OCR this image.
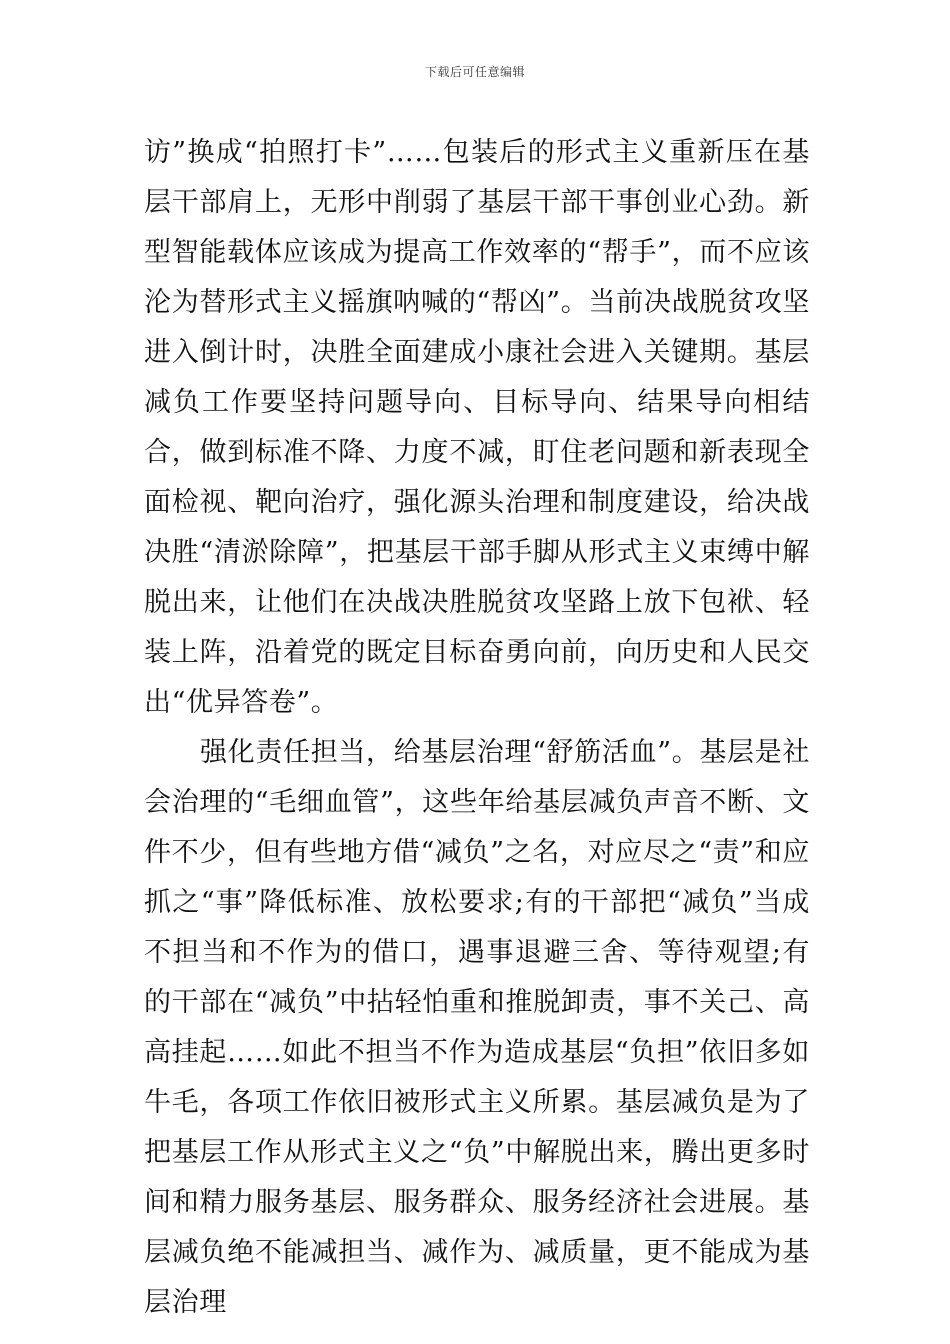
下载后可任意编辑

访”换成“拍照打卡”……包装后的形式主义重新压在基层干部肩上，无形中削弱了基层干部干事创业心劲。新型智能载体应该成为提高工作效率的“帮手”，而不应该沦为替形式主义摇旗呐喊的“帮凶”。当前决战脱贫攻坚进入倒计时，决胜全面建成小康社会进入关键期。基层减负工作要坚持问题导向、目标导向、结果导向相结合，做到标准不降、力度不减，盯住老问题和新表现全面检视、靶向治疗，强化源头治理和制度建设，给决战决胜“清淤除障”，把基层干部手脚从形式主义束缚中解脱出来，让他们在决战决胜脱贫攻坚路上放下包袱、轻装上阵，沿着党的既定目标奋勇向前，向历史和人民交出“优异答卷”。

强化责任担当，给基层治理“舒筋活血”。基层是社会治理的“毛细血管”，这些年给基层减负声音不断、文件不少，但有些地方借“减负”之名，对应尽之“责”和应抓之“事”降低标准、放松要求;有的干部把“减负”当成不担当和不作为的借口，遇事退避三舍、等待观望;有的干部在“减负”中拈轻怕重和推脱卸责，事不关己、高高挂起……如此不担当不作为造成基层“负担”依旧多如牛毛，各项工作依旧被形式主义所累。基层减负是为了把基层工作从形式主义之“负”中解脱出来，腾出更多时间和精力服务基层、服务群众、服务经济社会进展。基层减负绝不能减担当、减作为、减质量，更不能成为基层治理
